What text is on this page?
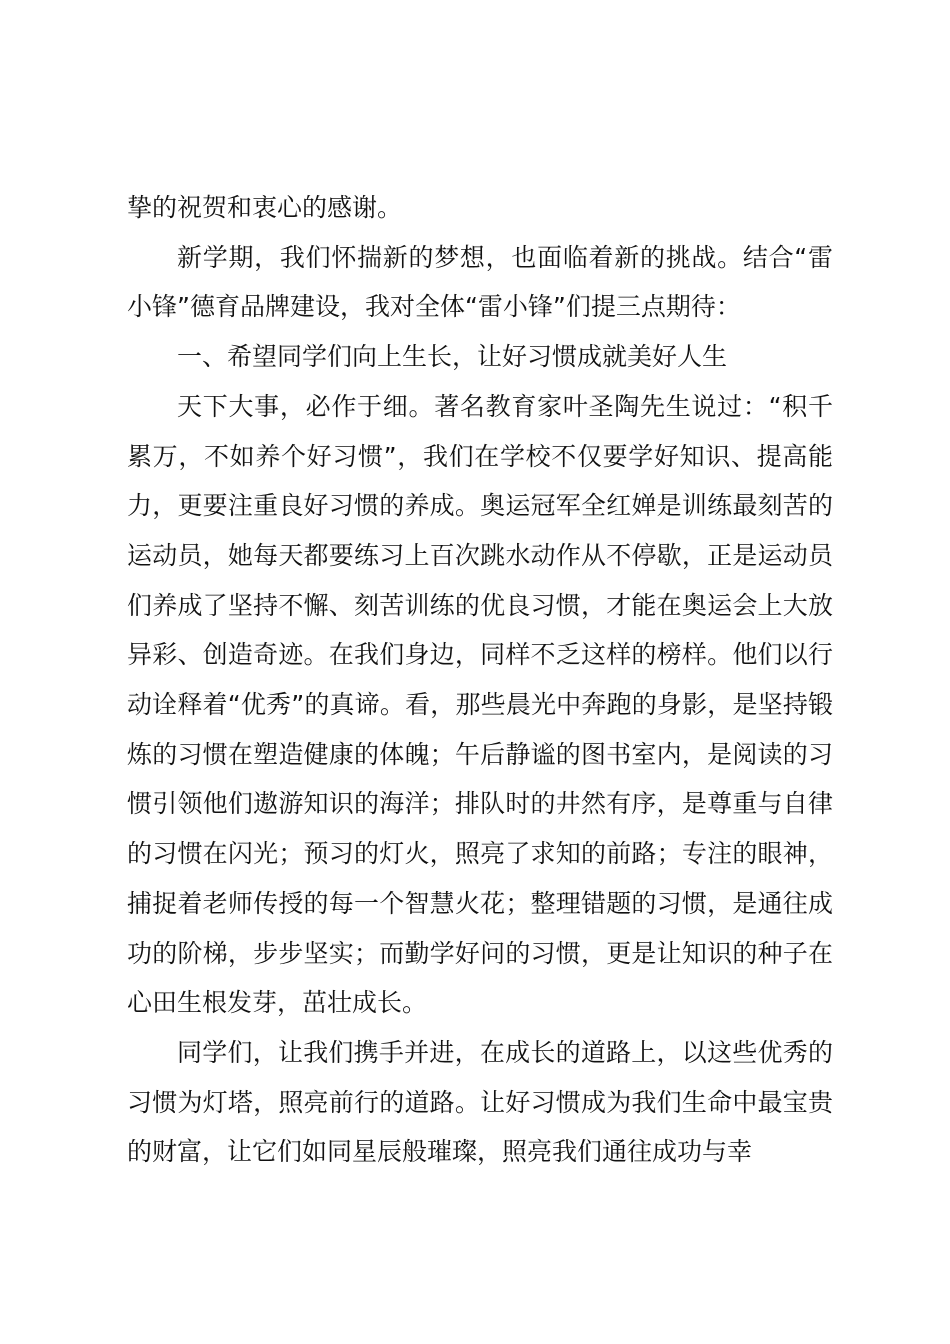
挚的祝贺和衷心的感谢。

新学期，我们怀揣新的梦想，也面临着新的挑战。结合“雷小锋”德育品牌建设，我对全体“雷小锋”们提三点期待：

一、希望同学们向上生长，让好习惯成就美好人生

天下大事，必作于细。著名教育家叶圣陶先生说过：“积千累万，不如养个好习惯”，我们在学校不仅要学好知识、提高能力，更要注重良好习惯的养成。奥运冠军全红婵是训练最刻苦的运动员，她每天都要练习上百次跳水动作从不停歇，正是运动员们养成了坚持不懈、刻苦训练的优良习惯，才能在奥运会上大放异彩、创造奇迹。在我们身边，同样不乏这样的榜样。他们以行动诠释着“优秀”的真谛。看，那些晨光中奔跑的身影，是坚持锻炼的习惯在塑造健康的体魄；午后静谧的图书室内，是阅读的习惯引领他们遨游知识的海洋；排队时的井然有序，是尊重与自律的习惯在闪光；预习的灯火，照亮了求知的前路；专注的眼神，捕捉着老师传授的每一个智慧火花；整理错题的习惯，是通往成功的阶梯，步步坚实；而勤学好问的习惯，更是让知识的种子在心田生根发芽，茁壮成长。

同学们，让我们携手并进，在成长的道路上，以这些优秀的习惯为灯塔，照亮前行的道路。让好习惯成为我们生命中最宝贵的财富，让它们如同星辰般璀璨，照亮我们通往成功与幸
